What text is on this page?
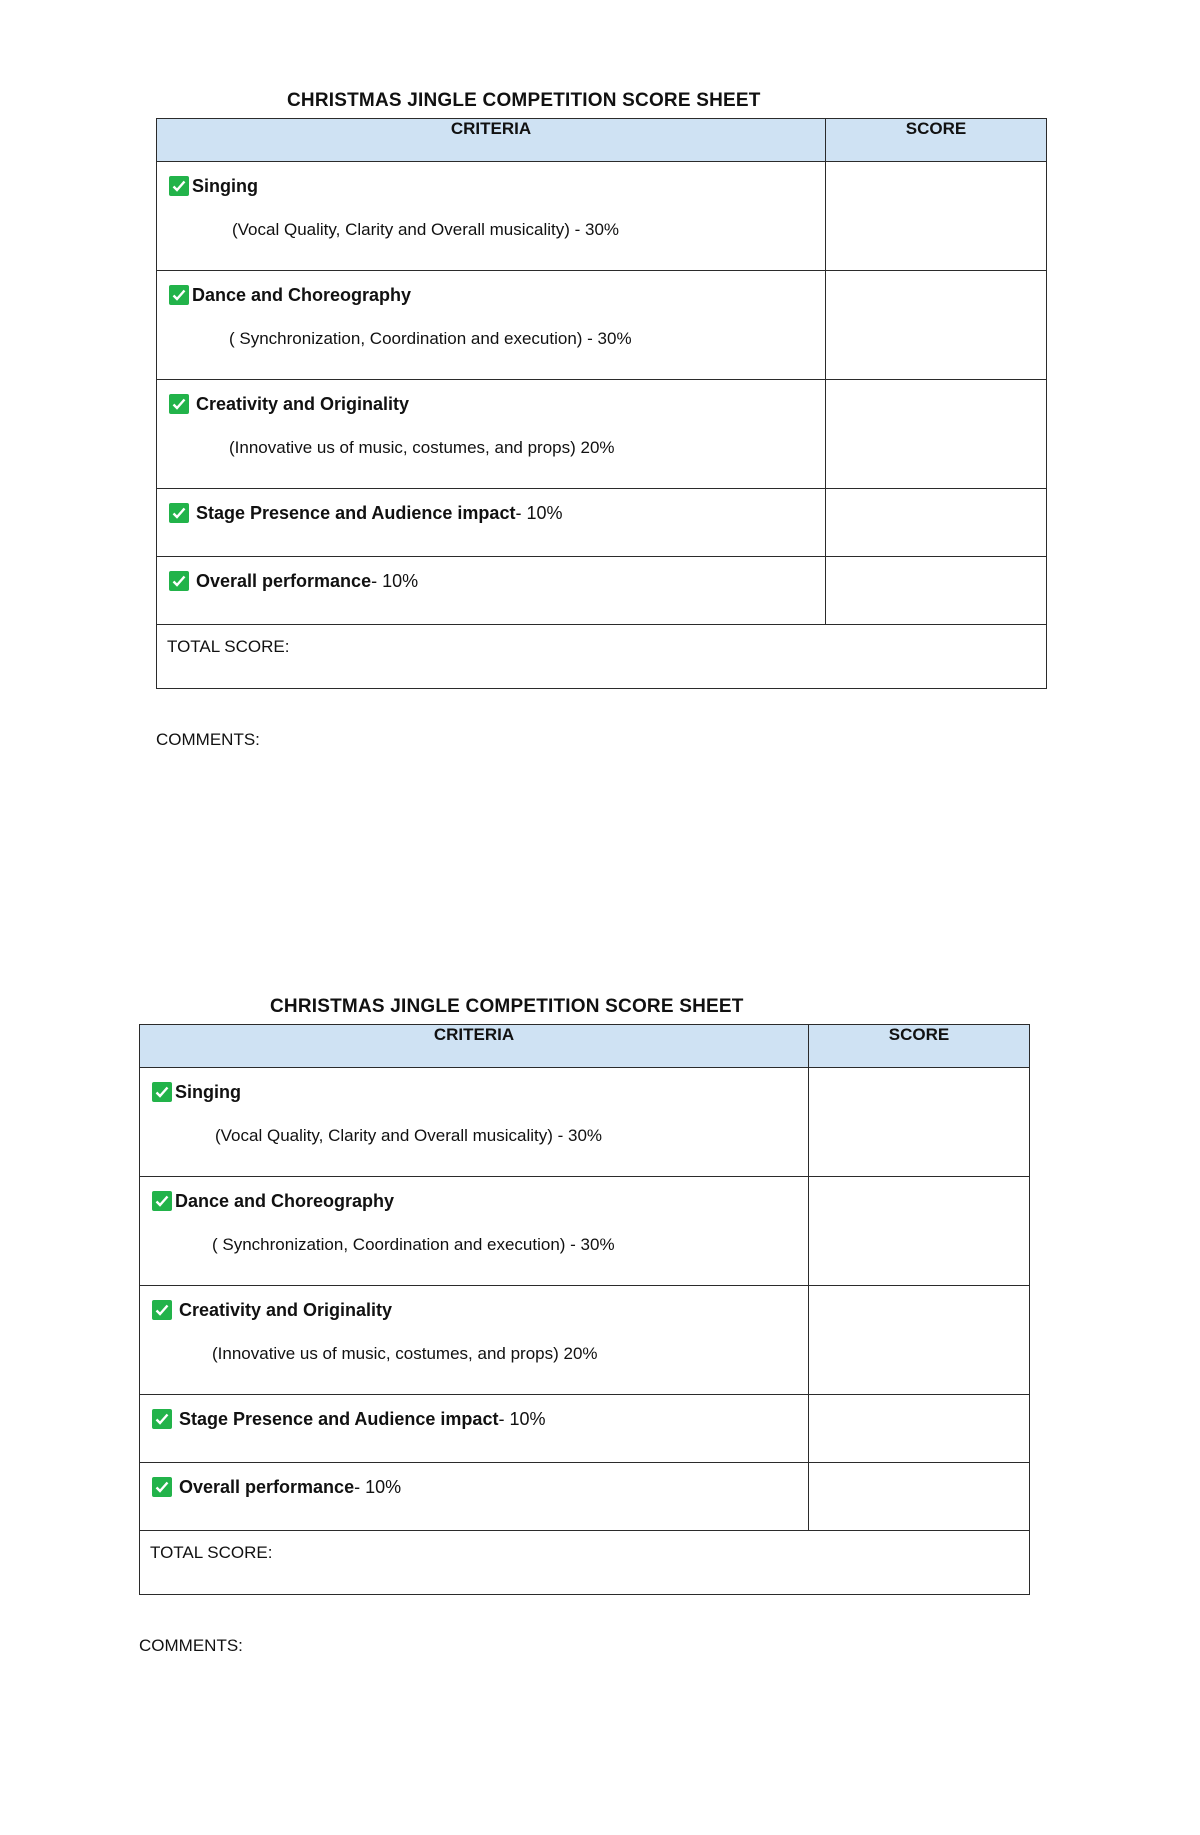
CHRISTMAS JINGLE COMPETITION SCORE SHEET
CRITERIA	SCORE

Singing
(Vocal Quality, Clarity and Overall musicality) - 30%	

Dance and Choreography
( Synchronization, Coordination and execution) - 30%	

Creativity and Originality
(Innovative us of music, costumes, and props) 20%	

Stage Presence and Audience impact - 10%	

Overall performance - 10%	

TOTAL SCORE:	
COMMENTS:
CHRISTMAS JINGLE COMPETITION SCORE SHEET
CRITERIA	SCORE

Singing
(Vocal Quality, Clarity and Overall musicality) - 30%	

Dance and Choreography
( Synchronization, Coordination and execution) - 30%	

Creativity and Originality
(Innovative us of music, costumes, and props) 20%	

Stage Presence and Audience impact - 10%	

Overall performance - 10%	

TOTAL SCORE:	
COMMENTS:
